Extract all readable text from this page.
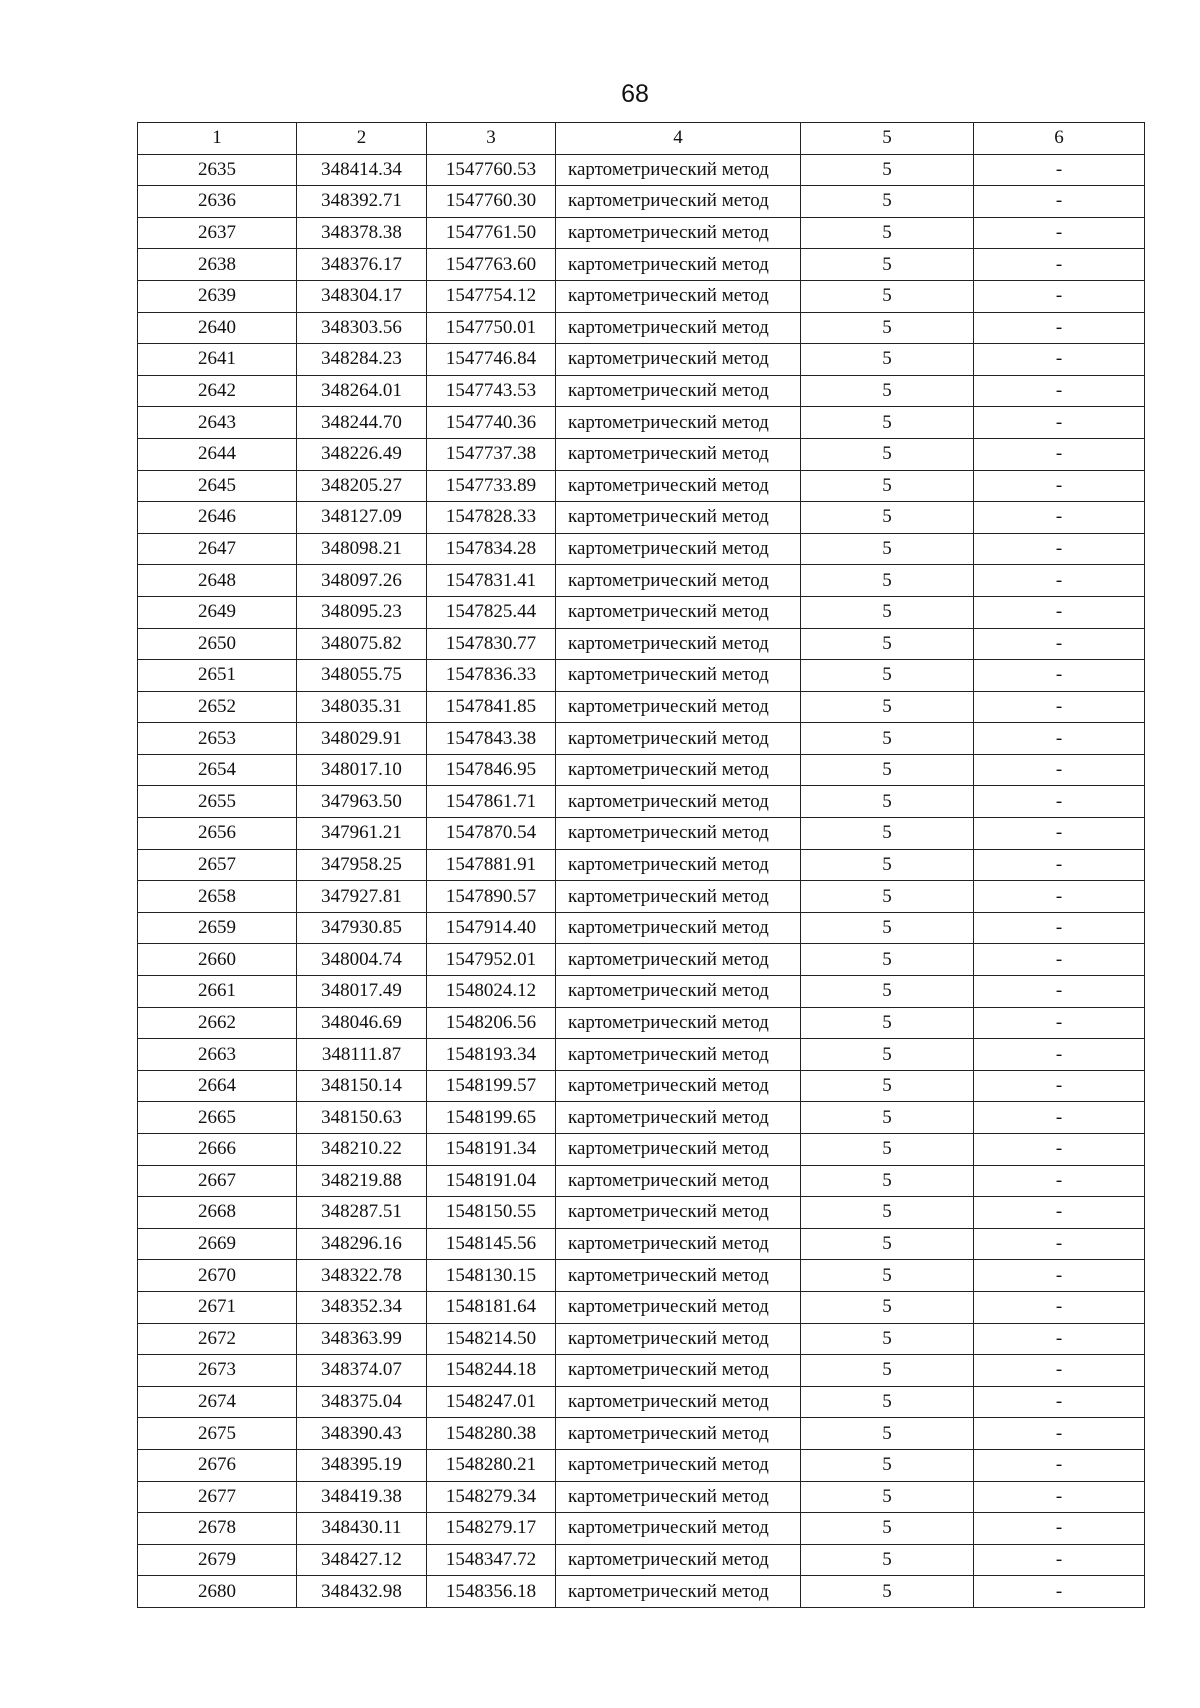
68
1	2	3	4	5	6
2635	348414.34	1547760.53	картометрический метод	5	-
2636	348392.71	1547760.30	картометрический метод	5	-
2637	348378.38	1547761.50	картометрический метод	5	-
2638	348376.17	1547763.60	картометрический метод	5	-
2639	348304.17	1547754.12	картометрический метод	5	-
2640	348303.56	1547750.01	картометрический метод	5	-
2641	348284.23	1547746.84	картометрический метод	5	-
2642	348264.01	1547743.53	картометрический метод	5	-
2643	348244.70	1547740.36	картометрический метод	5	-
2644	348226.49	1547737.38	картометрический метод	5	-
2645	348205.27	1547733.89	картометрический метод	5	-
2646	348127.09	1547828.33	картометрический метод	5	-
2647	348098.21	1547834.28	картометрический метод	5	-
2648	348097.26	1547831.41	картометрический метод	5	-
2649	348095.23	1547825.44	картометрический метод	5	-
2650	348075.82	1547830.77	картометрический метод	5	-
2651	348055.75	1547836.33	картометрический метод	5	-
2652	348035.31	1547841.85	картометрический метод	5	-
2653	348029.91	1547843.38	картометрический метод	5	-
2654	348017.10	1547846.95	картометрический метод	5	-
2655	347963.50	1547861.71	картометрический метод	5	-
2656	347961.21	1547870.54	картометрический метод	5	-
2657	347958.25	1547881.91	картометрический метод	5	-
2658	347927.81	1547890.57	картометрический метод	5	-
2659	347930.85	1547914.40	картометрический метод	5	-
2660	348004.74	1547952.01	картометрический метод	5	-
2661	348017.49	1548024.12	картометрический метод	5	-
2662	348046.69	1548206.56	картометрический метод	5	-
2663	348111.87	1548193.34	картометрический метод	5	-
2664	348150.14	1548199.57	картометрический метод	5	-
2665	348150.63	1548199.65	картометрический метод	5	-
2666	348210.22	1548191.34	картометрический метод	5	-
2667	348219.88	1548191.04	картометрический метод	5	-
2668	348287.51	1548150.55	картометрический метод	5	-
2669	348296.16	1548145.56	картометрический метод	5	-
2670	348322.78	1548130.15	картометрический метод	5	-
2671	348352.34	1548181.64	картометрический метод	5	-
2672	348363.99	1548214.50	картометрический метод	5	-
2673	348374.07	1548244.18	картометрический метод	5	-
2674	348375.04	1548247.01	картометрический метод	5	-
2675	348390.43	1548280.38	картометрический метод	5	-
2676	348395.19	1548280.21	картометрический метод	5	-
2677	348419.38	1548279.34	картометрический метод	5	-
2678	348430.11	1548279.17	картометрический метод	5	-
2679	348427.12	1548347.72	картометрический метод	5	-
2680	348432.98	1548356.18	картометрический метод	5	-
